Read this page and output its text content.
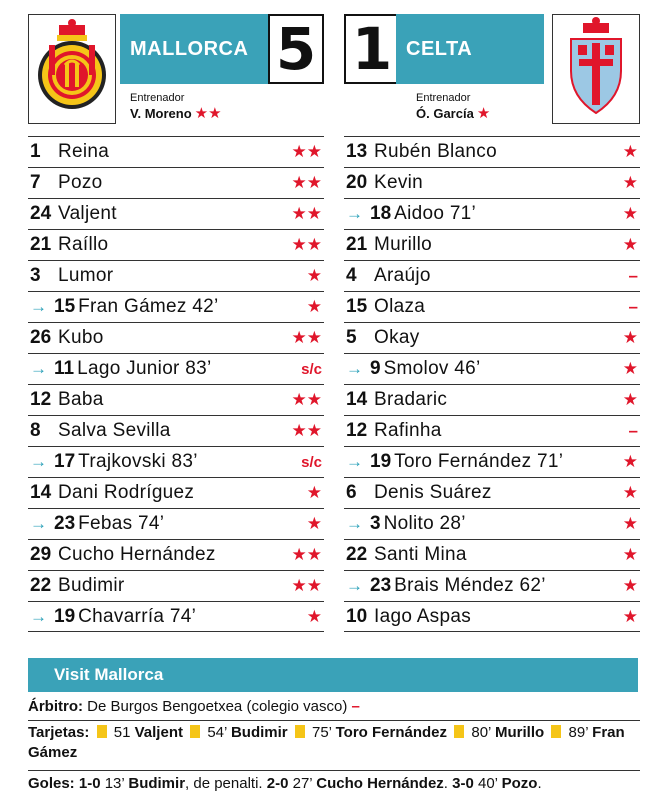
MALLORCA 5
Entrenador
V. Moreno ★★
1 CELTA
Entrenador
Ó. García ★
1 Reina	★★
7 Pozo	★★
24 Valjent	★★
21 Raíllo	★★
3 Lumor	★
→ 15 Fran Gámez 42’	★
26 Kubo	★★
→ 11 Lago Junior 83’	s/c
12 Baba	★★
8 Salva Sevilla	★★
→ 17 Trajkovski 83’	s/c
14 Dani Rodríguez	★
→ 23 Febas 74’	★
29 Cucho Hernández	★★
22 Budimir	★★
→ 19 Chavarría 74’	★
13 Rubén Blanco	★
20 Kevin	★
→ 18 Aidoo 71’	★
21 Murillo	★
4 Araújo	–
15 Olaza	–
5 Okay	★
→ 9 Smolov 46’	★
14 Bradaric	★
12 Rafinha	–
→ 19 Toro Fernández 71’	★
6 Denis Suárez	★
→ 3 Nolito 28’	★
22 Santi Mina	★
→ 23 Brais Méndez 62’	★
10 Iago Aspas	★
Visit Mallorca
Árbitro: De Burgos Bengoetxea (colegio vasco) –
Tarjetas: 51 Valjent 54’ Budimir 75’ Toro Fernández 80’ Murillo 89’ Fran Gámez
Goles: 1-0 13’ Budimir, de penalti. 2-0 27’ Cucho Hernández. 3-0 40’ Pozo.
